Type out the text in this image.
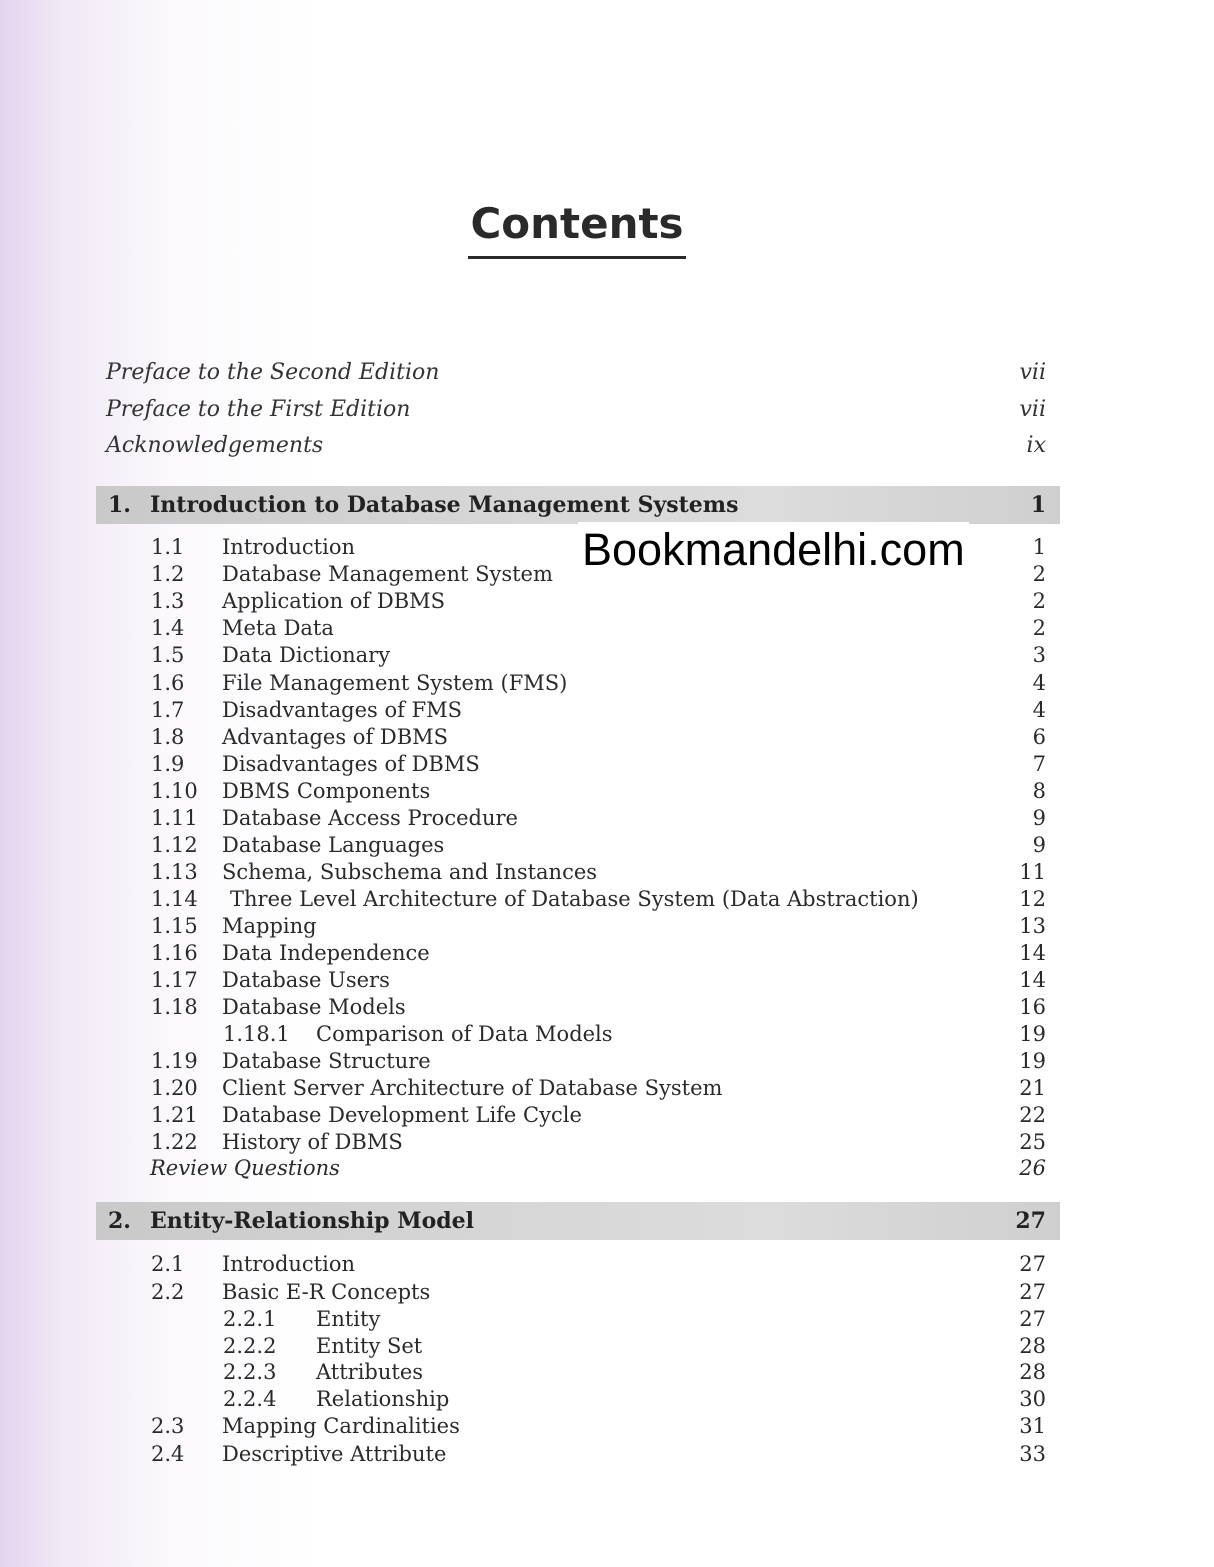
Contents
Preface to the Second Edition	vii
Preface to the First Edition	vii
Acknowledgements	ix
1. Introduction to Database Management Systems	1
1.1 Introduction	1
1.2 Database Management System	2
1.3 Application of DBMS	2
1.4 Meta Data	2
1.5 Data Dictionary	3
1.6 File Management System (FMS)	4
1.7 Disadvantages of FMS	4
1.8 Advantages of DBMS	6
1.9 Disadvantages of DBMS	7
1.10 DBMS Components	8
1.11 Database Access Procedure	9
1.12 Database Languages	9
1.13 Schema, Subschema and Instances	11
1.14 Three Level Architecture of Database System (Data Abstraction)	12
1.15 Mapping	13
1.16 Data Independence	14
1.17 Database Users	14
1.18 Database Models	16
1.18.1 Comparison of Data Models	19
1.19 Database Structure	19
1.20 Client Server Architecture of Database System	21
1.21 Database Development Life Cycle	22
1.22 History of DBMS	25
Review Questions	26
2. Entity-Relationship Model	27
2.1 Introduction	27
2.2 Basic E-R Concepts	27
2.2.1 Entity	27
2.2.2 Entity Set	28
2.2.3 Attributes	28
2.2.4 Relationship	30
2.3 Mapping Cardinalities	31
2.4 Descriptive Attribute	33
Bookmandelhi.com
